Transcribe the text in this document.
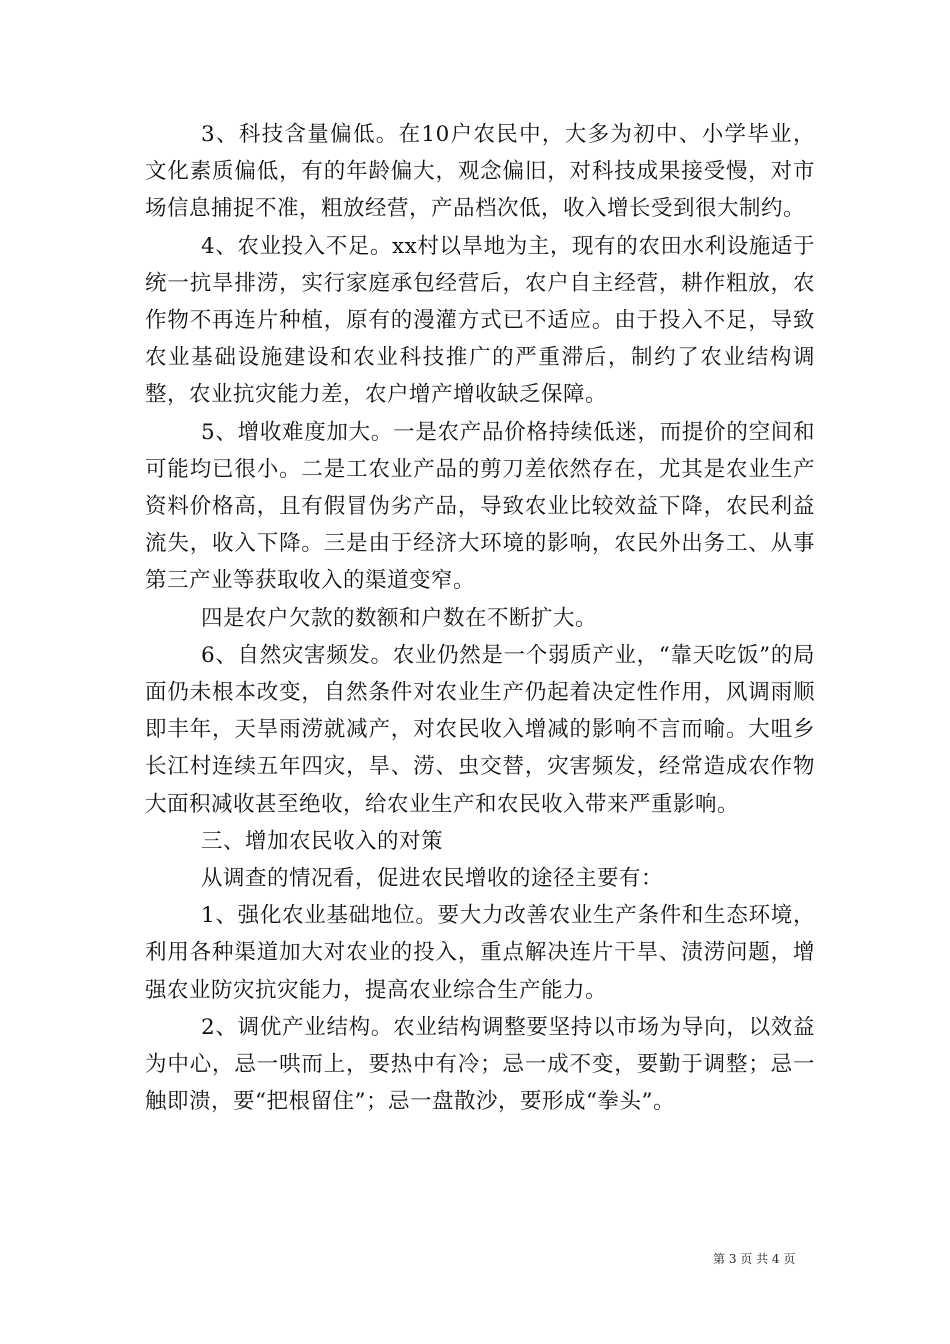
3、科技含量偏低。在10户农民中，大多为初中、小学毕业，文化素质偏低，有的年龄偏大，观念偏旧，对科技成果接受慢，对市场信息捕捉不准，粗放经营，产品档次低，收入增长受到很大制约。

4、农业投入不足。xx村以旱地为主，现有的农田水利设施适于统一抗旱排涝，实行家庭承包经营后，农户自主经营，耕作粗放，农作物不再连片种植，原有的漫灌方式已不适应。由于投入不足，导致农业基础设施建设和农业科技推广的严重滞后，制约了农业结构调整，农业抗灾能力差，农户增产增收缺乏保障。

5、增收难度加大。一是农产品价格持续低迷，而提价的空间和可能均已很小。二是工农业产品的剪刀差依然存在，尤其是农业生产资料价格高，且有假冒伪劣产品，导致农业比较效益下降，农民利益流失，收入下降。三是由于经济大环境的影响，农民外出务工、从事第三产业等获取收入的渠道变窄。

四是农户欠款的数额和户数在不断扩大。

6、自然灾害频发。农业仍然是一个弱质产业，“靠天吃饭”的局面仍未根本改变，自然条件对农业生产仍起着决定性作用，风调雨顺即丰年，天旱雨涝就减产，对农民收入增减的影响不言而喻。大咀乡长江村连续五年四灾，旱、涝、虫交替，灾害频发，经常造成农作物大面积减收甚至绝收，给农业生产和农民收入带来严重影响。

三、增加农民收入的对策

从调查的情况看，促进农民增收的途径主要有：

1、强化农业基础地位。要大力改善农业生产条件和生态环境，利用各种渠道加大对农业的投入，重点解决连片干旱、渍涝问题，增强农业防灾抗灾能力，提高农业综合生产能力。

2、调优产业结构。农业结构调整要坚持以市场为导向，以效益为中心，忌一哄而上，要热中有冷；忌一成不变，要勤于调整；忌一触即溃，要“把根留住”；忌一盘散沙，要形成“拳头”。

第 3 页 共 4 页
